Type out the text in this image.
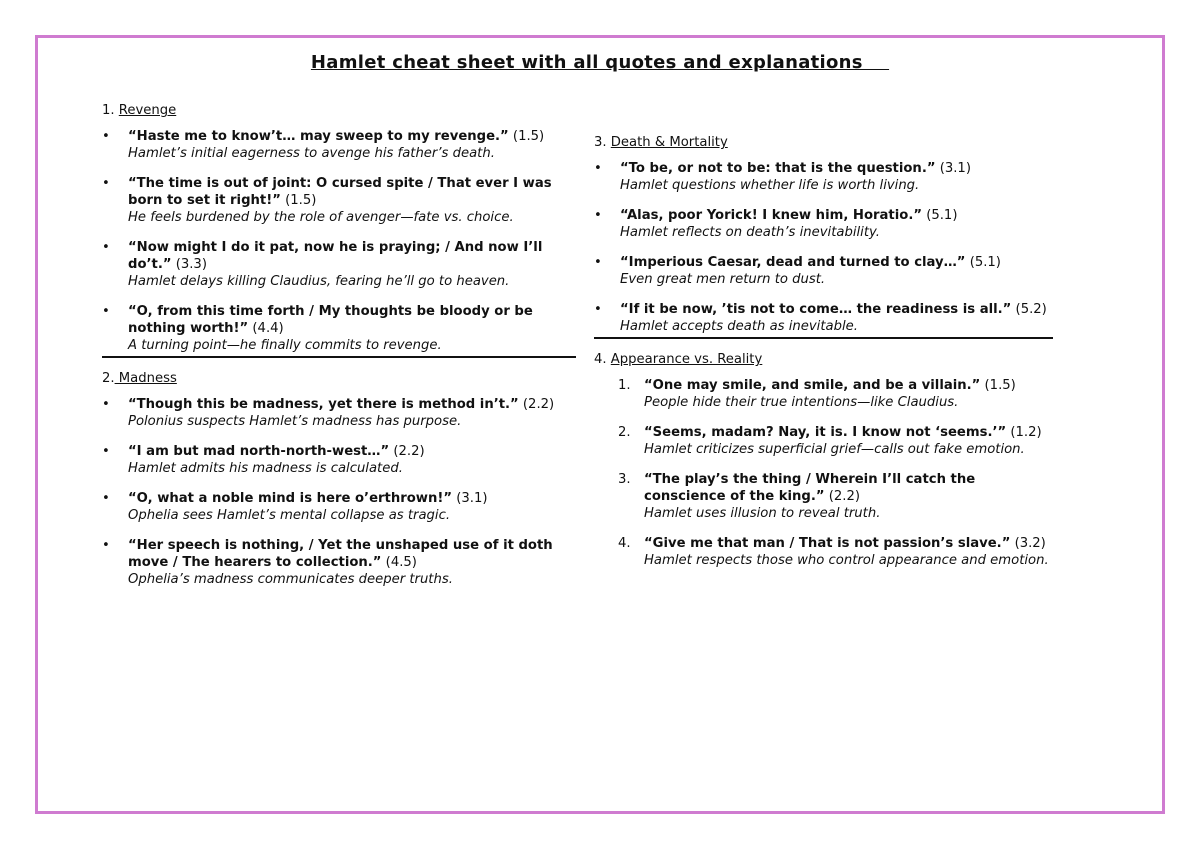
Hamlet cheat sheet with all quotes and explanations
1. Revenge
• “Haste me to know’t… may sweep to my revenge.” (1.5)
Hamlet’s initial eagerness to avenge his father’s death.
• “The time is out of joint: O cursed spite / That ever I was born to set it right!” (1.5)
He feels burdened by the role of avenger—fate vs. choice.
• “Now might I do it pat, now he is praying; / And now I’ll do’t.” (3.3)
Hamlet delays killing Claudius, fearing he’ll go to heaven.
• “O, from this time forth / My thoughts be bloody or be nothing worth!” (4.4)
A turning point—he finally commits to revenge.
2. Madness
• “Though this be madness, yet there is method in’t.” (2.2)
Polonius suspects Hamlet’s madness has purpose.
• “I am but mad north-north-west…” (2.2)
Hamlet admits his madness is calculated.
• “O, what a noble mind is here o’erthrown!” (3.1)
Ophelia sees Hamlet’s mental collapse as tragic.
• “Her speech is nothing, / Yet the unshaped use of it doth move / The hearers to collection.” (4.5)
Ophelia’s madness communicates deeper truths.
3. Death & Mortality
• “To be, or not to be: that is the question.” (3.1)
Hamlet questions whether life is worth living.
• “Alas, poor Yorick! I knew him, Horatio.” (5.1)
Hamlet reflects on death’s inevitability.
• “Imperious Caesar, dead and turned to clay…” (5.1)
Even great men return to dust.
• “If it be now, ’tis not to come… the readiness is all.” (5.2)
Hamlet accepts death as inevitable.
4. Appearance vs. Reality
1. “One may smile, and smile, and be a villain.” (1.5)
People hide their true intentions—like Claudius.
2. “Seems, madam? Nay, it is. I know not ‘seems.’” (1.2)
Hamlet criticizes superficial grief—calls out fake emotion.
3. “The play’s the thing / Wherein I’ll catch the conscience of the king.” (2.2)
Hamlet uses illusion to reveal truth.
4. “Give me that man / That is not passion’s slave.” (3.2)
Hamlet respects those who control appearance and emotion.
